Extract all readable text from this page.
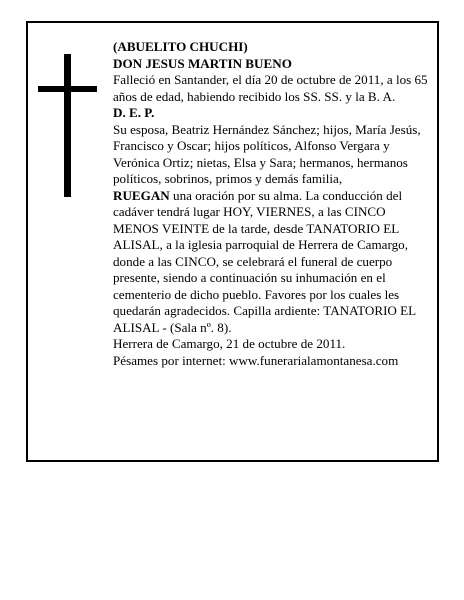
(ABUELITO CHUCHI)

DON JESUS MARTIN BUENO

Falleció en Santander, el día 20 de octubre de 2011, a los 65 años de edad, habiendo recibido los SS. SS. y la B. A.

D. E. P.

Su esposa, Beatriz Hernández Sánchez; hijos, María Jesús, Francisco y Oscar; hijos políticos, Alfonso Vergara y Verónica Ortiz; nietas, Elsa y Sara; hermanos, hermanos políticos, sobrinos, primos y demás familia,

RUEGAN una oración por su alma. La conducción del cadáver tendrá lugar HOY, VIERNES, a las CINCO MENOS VEINTE de la tarde, desde TANATORIO EL ALISAL, a la iglesia parroquial de Herrera de Camargo, donde a las CINCO, se celebrará el funeral de cuerpo presente, siendo a continuación su inhumación en el cementerio de dicho pueblo. Favores por los cuales les quedarán agradecidos. Capilla ardiente: TANATORIO EL ALISAL - (Sala nº. 8).

Herrera de Camargo, 21 de octubre de 2011.

Pésames por internet: www.funerarialamontanesa.com
